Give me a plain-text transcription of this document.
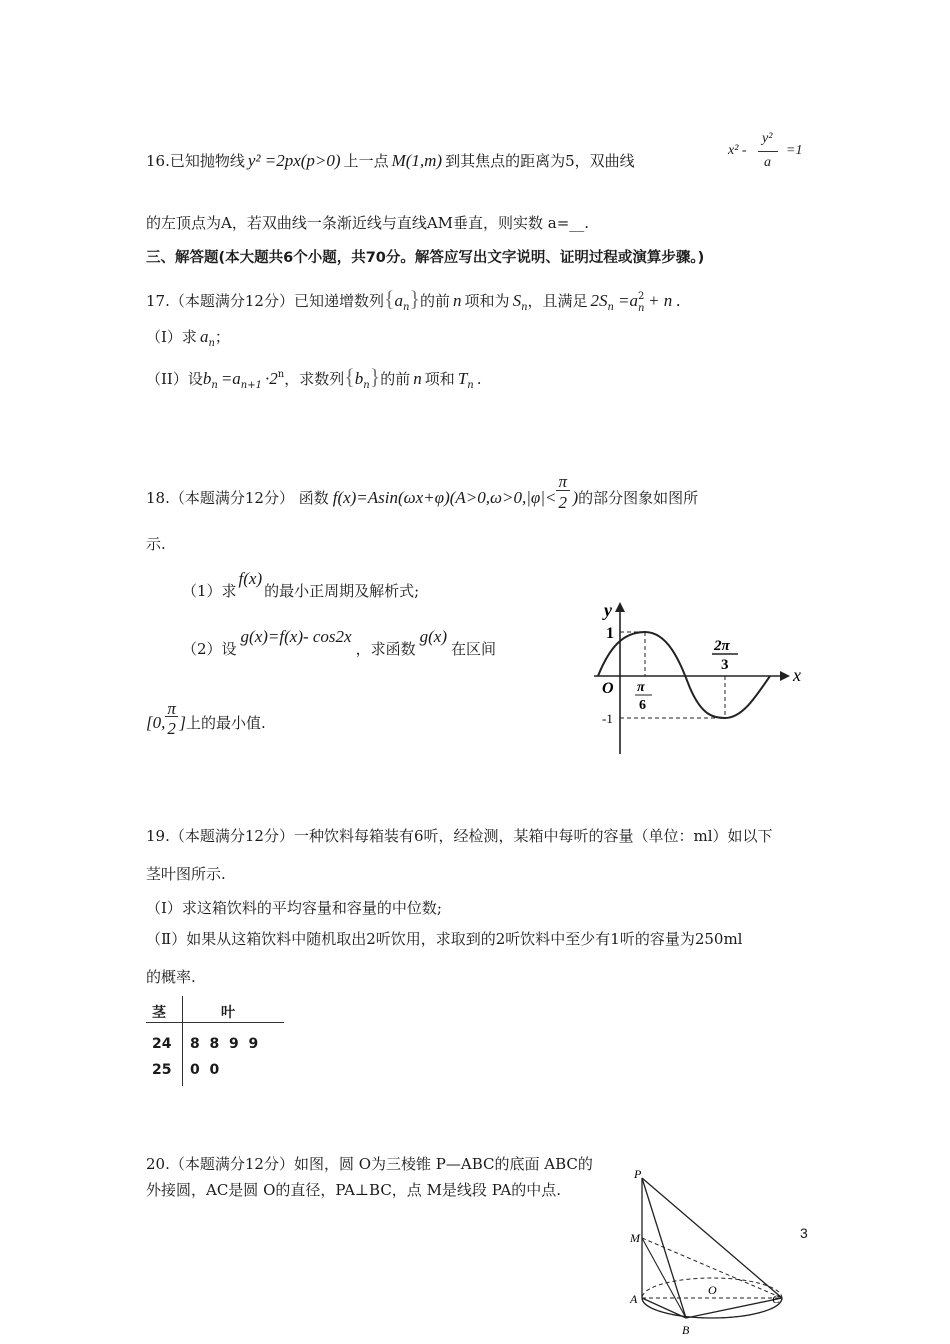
16.已知抛物线 y² =2px(p>0) 上一点 M(1,m) 到其焦点的距离为5，双曲线
x² -
y²
a
=1
的左顶点为A，若双曲线一条渐近线与直线AM垂直，则实数 a=__.
三、解答题(本大题共6个小题，共70分。解答应写出文字说明、证明过程或演算步骤。)
17.（本题满分12分）已知递增数列$\{a_n\}$的前 n 项和为 $S_n$，且满足 $2S_n =a$ 2
n + n .
（I）求 $a_n$；
（II）设$b_n =a_{n+1} \cdot 2^n$，求数列$\{b_n\}$的前 n 项和 $T_n$ .
18.（本题满分12分） 函数 $f(x)=Asin(\omega x+\varphi)(A>0,\omega>0,|\varphi|< \frac{\pi}{2}$ )的部分图象如图所
示.
（1）求f(x)的最小正周期及解析式;
（2）设g(x)=f(x)- cos2x，求函数g(x)在区间
[0, $\frac{\pi}{2}$ ]上的最小值.
y
x
O
1
-1
π
6
2π
3
19.（本题满分12分）一种饮料每箱装有6听，经检测，某箱中每听的容量（单位：ml）如以下
茎叶图所示.
（Ⅰ）求这箱饮料的平均容量和容量的中位数;
（Ⅱ）如果从这箱饮料中随机取出2听饮用，求取到的2听饮料中至少有1听的容量为250ml
的概率.
茎	叶
24 8  8  9  9
25 0  0
20.（本题满分12分）如图，圆 O为三棱锥 P—ABC的底面 ABC的
外接圆，AC是圆 O的直径，PA⊥BC，点 M是线段 PA的中点.
P
M
A
O
C
B
3
